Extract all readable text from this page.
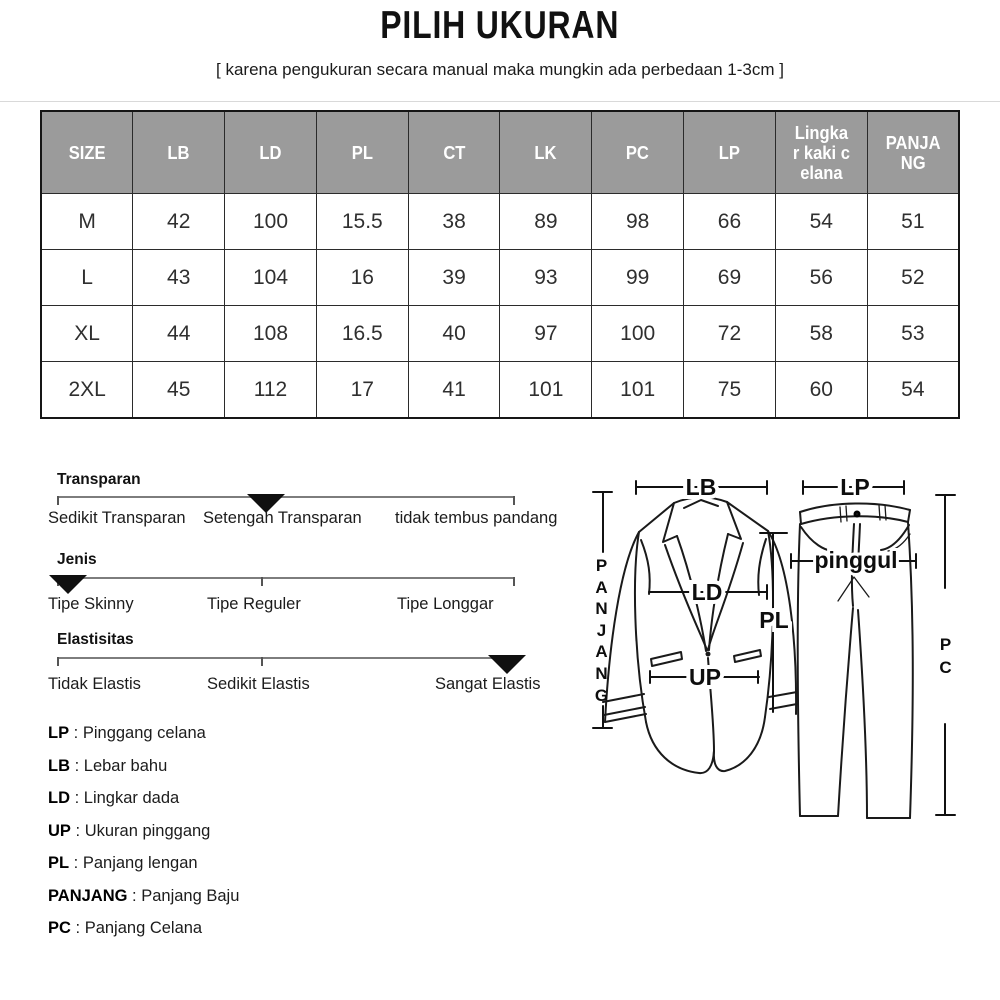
PILIH UKURAN
[ karena pengukuran secara manual maka mungkin ada perbedaan 1-3cm ]
SIZE	LB	LD	PL	CT	LK	PC	LP	Lingka
r kaki c
elana	PANJA
NG

M	42	100	15.5	38	89	98	66	54	51
L	43	104	16	39	93	99	69	56	52
XL	44	108	16.5	40	97	100	72	58	53
2XL	45	112	17	41	101	101	75	60	54
Transparan
Sedikit Transparan Setengah Transparan tidak tembus pandang
Jenis
Tipe Skinny	Tipe Reguler	Tipe Longgar
Elastisitas
Tidak Elastis	Sedikit Elastis	Sangat Elastis
LP : Pinggang celana
LB : Lebar bahu
LD : Lingkar dada
UP : Ukuran pinggang
PL : Panjang lengan
PANJANG : Panjang Baju
PC : Panjang Celana
LB
LD
PL
UP
LP
pinggul
PANJANG
PC
